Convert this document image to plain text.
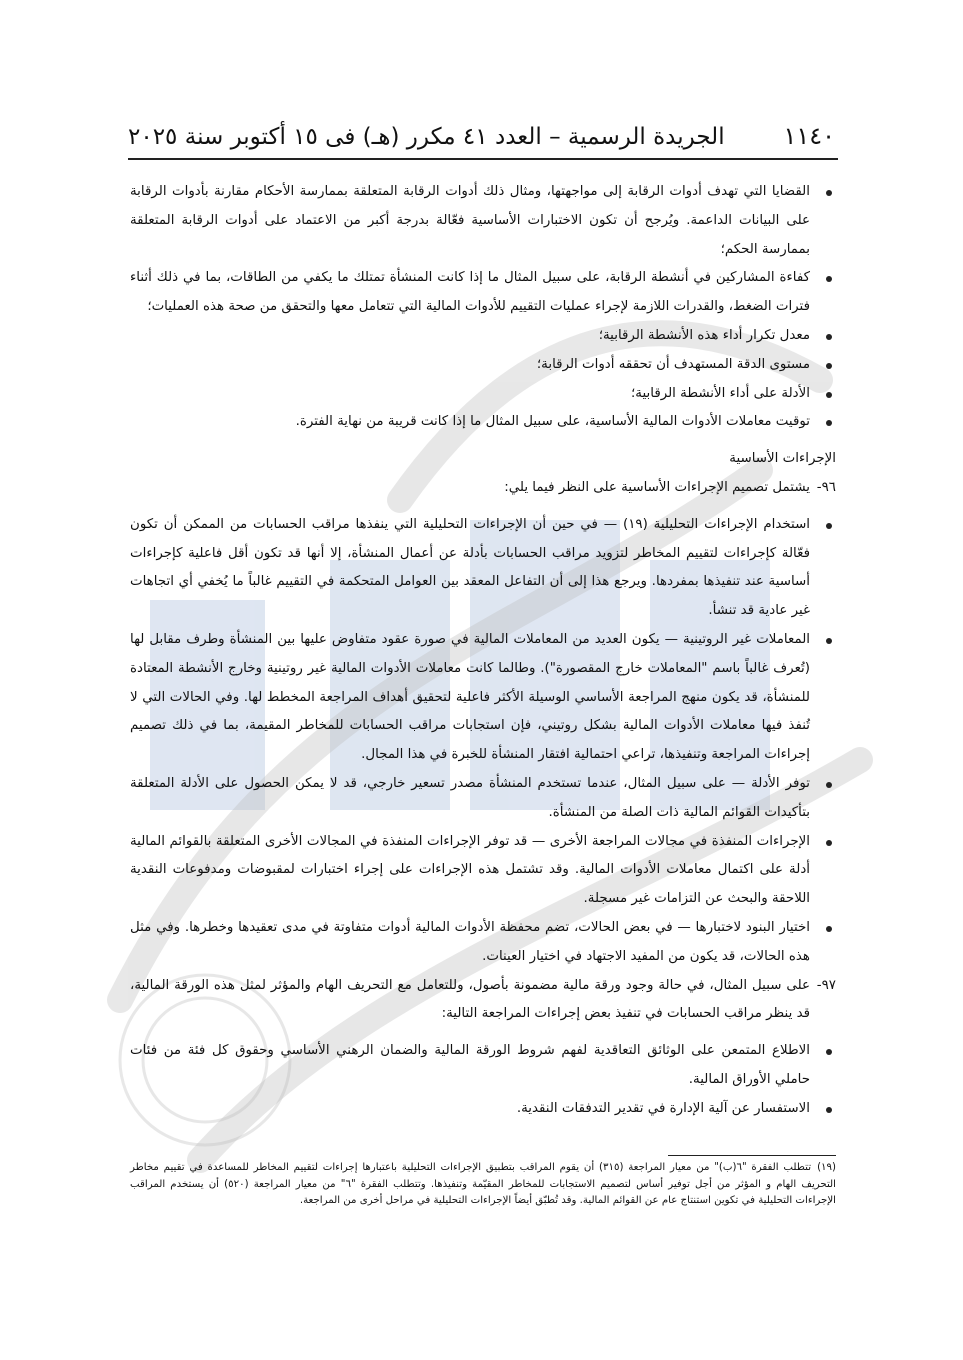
١١٤٠
الجريدة الرسمية – العدد ٤١ مكرر (هـ) فى ١٥ أكتوبر سنة ٢٠٢٥
القضايا التي تهدف أدوات الرقابة إلى مواجهتها، ومثال ذلك أدوات الرقابة المتعلقة بممارسة الأحكام مقارنة بأدوات الرقابة على البيانات الداعمة. ويُرجح أن تكون الاختبارات الأساسية فعّالة بدرجة أكبر من الاعتماد على أدوات الرقابة المتعلقة بممارسة الحكم؛
كفاءة المشاركين في أنشطة الرقابة، على سبيل المثال ما إذا كانت المنشأة تمتلك ما يكفي من الطاقات، بما في ذلك أثناء فترات الضغط، والقدرات اللازمة لإجراء عمليات التقييم للأدوات المالية التي تتعامل معها والتحقق من صحة هذه العمليات؛
معدل تكرار أداء هذه الأنشطة الرقابية؛
مستوى الدقة المستهدف أن تحققه أدوات الرقابة؛
الأدلة على أداء الأنشطة الرقابية؛
توقيت معاملات الأدوات المالية الأساسية، على سبيل المثال ما إذا كانت قريبة من نهاية الفترة.
الإجراءات الأساسية
٩٦-
يشتمل تصميم الإجراءات الأساسية على النظر فيما يلي:
استخدام الإجراءات التحليلية (١٩) — في حين أن الإجراءات التحليلية التي ينفذها مراقب الحسابات من الممكن أن تكون فعّالة كإجراءات لتقييم المخاطر لتزويد مراقب الحسابات بأدلة عن أعمال المنشأة، إلا أنها قد تكون أقل فاعلية كإجراءات أساسية عند تنفيذها بمفردها. ويرجع هذا إلى أن التفاعل المعقد بين العوامل المتحكمة في التقييم غالباً ما يُخفي أي اتجاهات غير عادية قد تنشأ.
المعاملات غير الروتينية — يكون العديد من المعاملات المالية في صورة عقود متفاوض عليها بين المنشأة وطرف مقابل لها (تُعرف غالباً باسم "المعاملات خارج المقصورة"). وطالما كانت معاملات الأدوات المالية غير روتينية وخارج الأنشطة المعتادة للمنشأة، قد يكون منهج المراجعة الأساسي الوسيلة الأكثر فاعلية لتحقيق أهداف المراجعة المخطط لها. وفي الحالات التي لا تُنفذ فيها معاملات الأدوات المالية بشكل روتيني، فإن استجابات مراقب الحسابات للمخاطر المقيمة، بما في ذلك تصميم إجراءات المراجعة وتنفيذها، تراعي احتمالية افتقار المنشأة للخبرة في هذا المجال.
توفر الأدلة — على سبيل المثال، عندما تستخدم المنشأة مصدر تسعير خارجي، قد لا يمكن الحصول على الأدلة المتعلقة بتأكيدات القوائم المالية ذات الصلة من المنشأة.
الإجراءات المنفذة في مجالات المراجعة الأخرى — قد توفر الإجراءات المنفذة في المجالات الأخرى المتعلقة بالقوائم المالية أدلة على اكتمال معاملات الأدوات المالية. وقد تشتمل هذه الإجراءات على إجراء اختبارات لمقبوضات ومدفوعات النقدية اللاحقة والبحث عن التزامات غير مسجلة.
اختيار البنود لاختبارها — في بعض الحالات، تضم محفظة الأدوات المالية أدوات متفاوتة في مدى تعقيدها وخطرها. وفي مثل هذه الحالات، قد يكون من المفيد الاجتهاد في اختيار العينات.
٩٧-
على سبيل المثال، في حالة وجود ورقة مالية مضمونة بأصول، وللتعامل مع التحريف الهام والمؤثر لمثل هذه الورقة المالية، قد ينظر مراقب الحسابات في تنفيذ بعض إجراءات المراجعة التالية:
الاطلاع المتمعن على الوثائق التعاقدية لفهم شروط الورقة المالية والضمان الرهني الأساسي وحقوق كل فئة من فئات حاملي الأوراق المالية.
الاستفسار عن آلية الإدارة في تقدير التدفقات النقدية.
(١٩)تتطلب الفقرة "٦(ب)" من معيار المراجعة (٣١٥) أن يقوم المراقب بتطبيق الإجراءات التحليلية باعتبارها إجراءات لتقييم المخاطر للمساعدة في تقييم مخاطر التحريف الهام و المؤثر من أجل توفير أساس لتصميم الاستجابات للمخاطر المقيّمة وتنفيذها. وتتطلب الفقرة "٦" من معيار المراجعة (٥٢٠) أن يستخدم المراقب الإجراءات التحليلية في تكوين استنتاج عام عن القوائم المالية. وقد تُطبّق أيضاً الإجراءات التحليلية في مراحل أخرى من المراجعة.
